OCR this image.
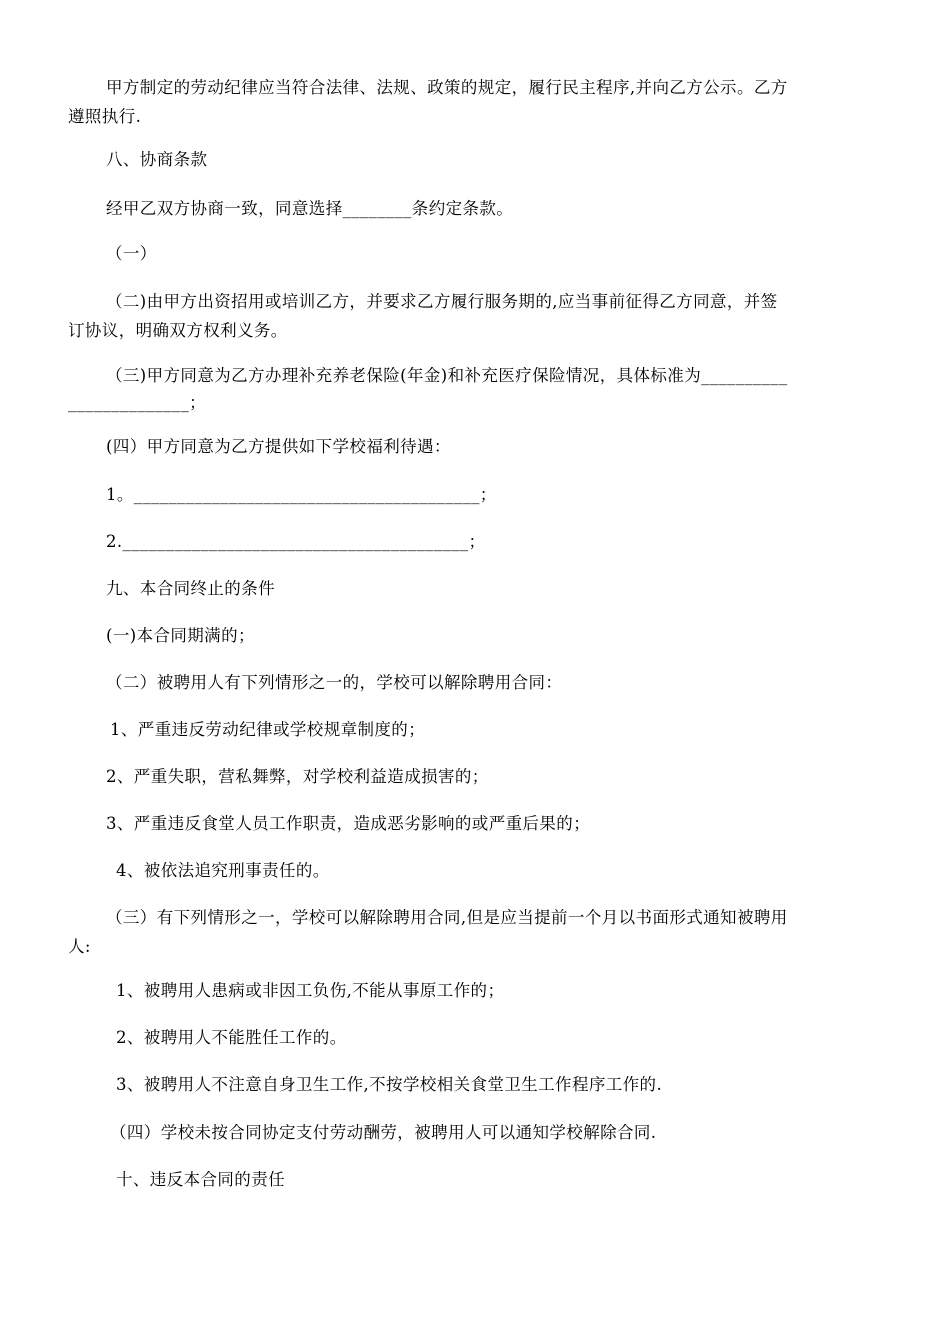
甲方制定的劳动纪律应当符合法律、法规、政策的规定，履行民主程序,并向乙方公示。乙方

遵照执行.

八、协商条款

经甲乙双方协商一致，同意选择________条约定条款。

（一）

（二)由甲方出资招用或培训乙方，并要求乙方履行服务期的,应当事前征得乙方同意，并签

订协议，明确双方权利义务。

（三)甲方同意为乙方办理补充养老保险(年金)和补充医疗保险情况，具体标准为__________

______________；

(四）甲方同意为乙方提供如下学校福利待遇：

1。________________________________________；

2.________________________________________；

九、本合同终止的条件

(一)本合同期满的；

（二）被聘用人有下列情形之一的，学校可以解除聘用合同：

1、严重违反劳动纪律或学校规章制度的；

2、严重失职，营私舞弊，对学校利益造成损害的；

3、严重违反食堂人员工作职责，造成恶劣影响的或严重后果的；

4、被依法追究刑事责任的。

（三）有下列情形之一，学校可以解除聘用合同,但是应当提前一个月以书面形式通知被聘用

人:

1、被聘用人患病或非因工负伤,不能从事原工作的；

2、被聘用人不能胜任工作的。

3、被聘用人不注意自身卫生工作,不按学校相关食堂卫生工作程序工作的.

（四）学校未按合同协定支付劳动酬劳，被聘用人可以通知学校解除合同.

十、违反本合同的责任
